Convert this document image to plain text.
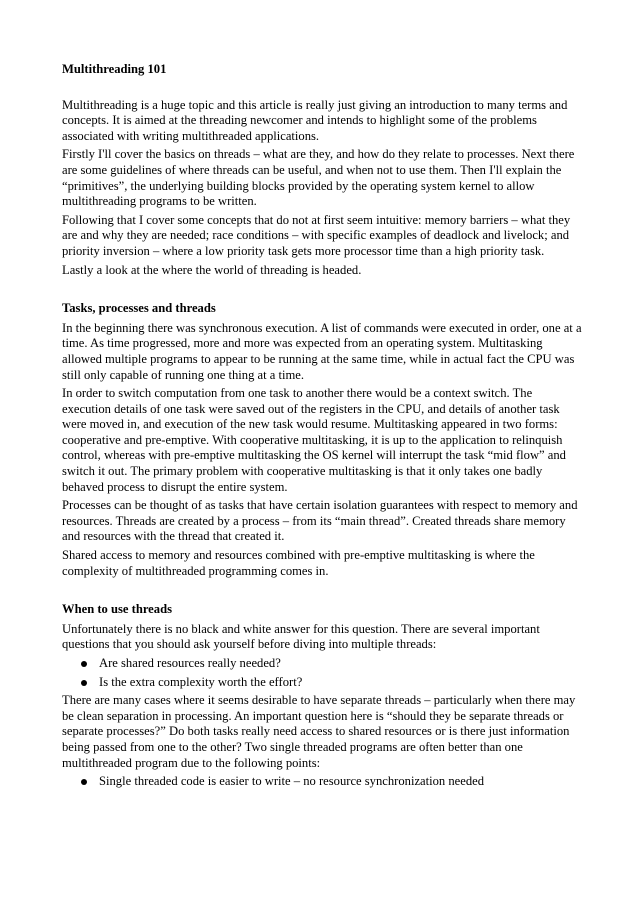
Multithreading 101

Multithreading is a huge topic and this article is really just giving an introduction to many terms and concepts. It is aimed at the threading newcomer and intends to highlight some of the problems associated with writing multithreaded applications.

Firstly I'll cover the basics on threads – what are they, and how do they relate to processes. Next there are some guidelines of where threads can be useful, and when not to use them. Then I'll explain the “primitives”, the underlying building blocks provided by the operating system kernel to allow multithreading programs to be written.

Following that I cover some concepts that do not at first seem intuitive: memory barriers – what they are and why they are needed; race conditions – with specific examples of deadlock and livelock; and priority inversion – where a low priority task gets more processor time than a high priority task.

Lastly a look at the where the world of threading is headed.

Tasks, processes and threads

In the beginning there was synchronous execution. A list of commands were executed in order, one at a time. As time progressed, more and more was expected from an operating system. Multitasking allowed multiple programs to appear to be running at the same time, while in actual fact the CPU was still only capable of running one thing at a time.

In order to switch computation from one task to another there would be a context switch. The execution details of one task were saved out of the registers in the CPU, and details of another task were moved in, and execution of the new task would resume. Multitasking appeared in two forms: cooperative and pre-emptive. With cooperative multitasking, it is up to the application to relinquish control, whereas with pre-emptive multitasking the OS kernel will interrupt the task “mid flow” and switch it out. The primary problem with cooperative multitasking is that it only takes one badly behaved process to disrupt the entire system.

Processes can be thought of as tasks that have certain isolation guarantees with respect to memory and resources. Threads are created by a process – from its “main thread”. Created threads share memory and resources with the thread that created it.

Shared access to memory and resources combined with pre-emptive multitasking is where the complexity of multithreaded programming comes in.

When to use threads

Unfortunately there is no black and white answer for this question. There are several important questions that you should ask yourself before diving into multiple threads:

Are shared resources really needed?
Is the extra complexity worth the effort?

There are many cases where it seems desirable to have separate threads – particularly when there may be clean separation in processing. An important question here is “should they be separate threads or separate processes?” Do both tasks really need access to shared resources or is there just information being passed from one to the other? Two single threaded programs are often better than one multithreaded program due to the following points:

Single threaded code is easier to write – no resource synchronization needed
